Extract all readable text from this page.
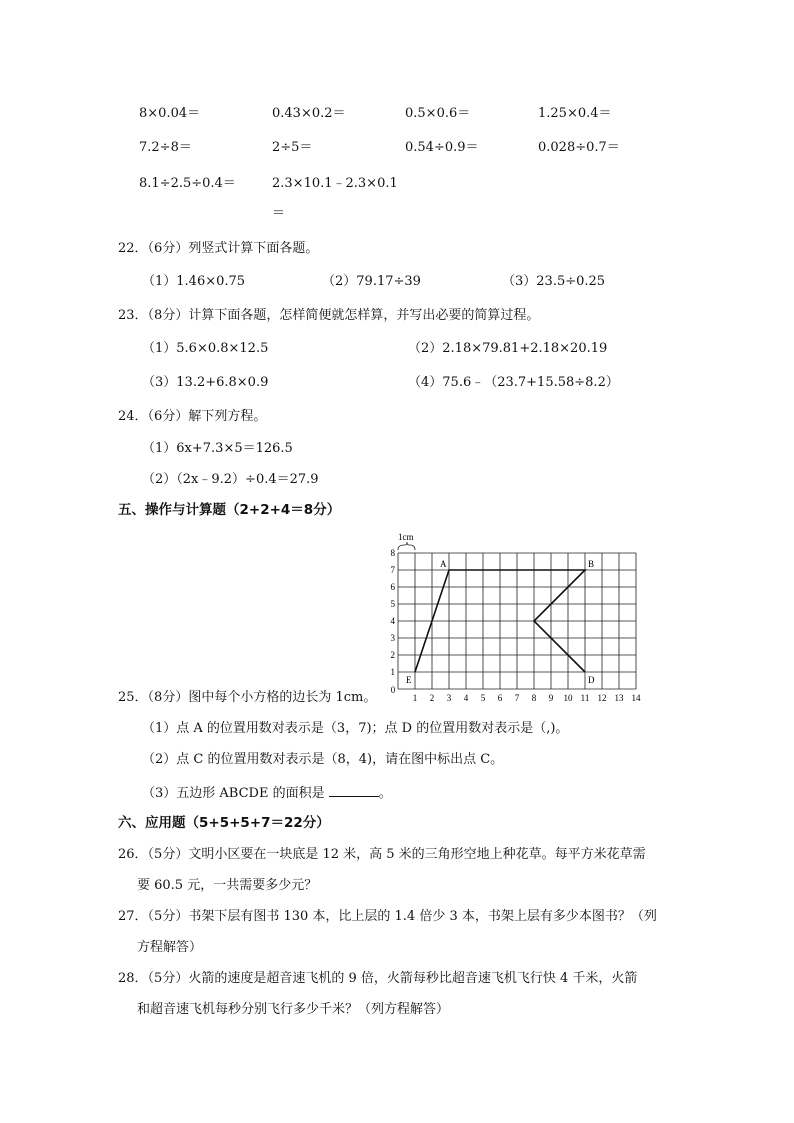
8×0.04＝	0.43×0.2＝	0.5×0.6＝	1.25×0.4＝
7.2÷8＝	2÷5＝	0.54÷0.9＝	0.028÷0.7＝
8.1÷2.5÷0.4＝	2.3×10.1﹣2.3×0.1
＝
22．（6分）列竖式计算下面各题。
（1）1.46×0.75	（2）79.17÷39	（3）23.5÷0.25
23．（8分）计算下面各题，怎样简便就怎样算，并写出必要的简算过程。
（1）5.6×0.8×12.5	（2）2.18×79.81+2.18×20.19
（3）13.2+6.8×0.9	（4）75.6﹣（23.7+15.58÷8.2）
24．（6分）解下列方程。
（1）6x+7.3×5＝126.5
（2）（2x﹣9.2）÷0.4＝27.9
五、操作与计算题（2+2+4＝8分）
1cm
A	B
D
E
1
2
3
4
5
6
7
8
0
1 2 3 4 5 6 7 8 9 10 11 12 13 14
25．（8分）图中每个小方格的边长为 1cm。
（1）点 A 的位置用数对表示是（3，7)；点 D 的位置用数对表示是（,)。
（2）点 C 的位置用数对表示是（8，4)，请在图中标出点 C。
（3）五边形 ABCDE 的面积是	。
六、应用题（5+5+5+7＝22分）
26．（5分）文明小区要在一块底是 12 米，高 5 米的三角形空地上种花草。每平方米花草需
要 60.5 元，一共需要多少元？
27．（5分）书架下层有图书 130 本，比上层的 1.4 倍少 3 本，书架上层有多少本图书？（列
方程解答）
28．（5分）火箭的速度是超音速飞机的 9 倍，火箭每秒比超音速飞机飞行快 4 千米，火箭
和超音速飞机每秒分别飞行多少千米？（列方程解答）
